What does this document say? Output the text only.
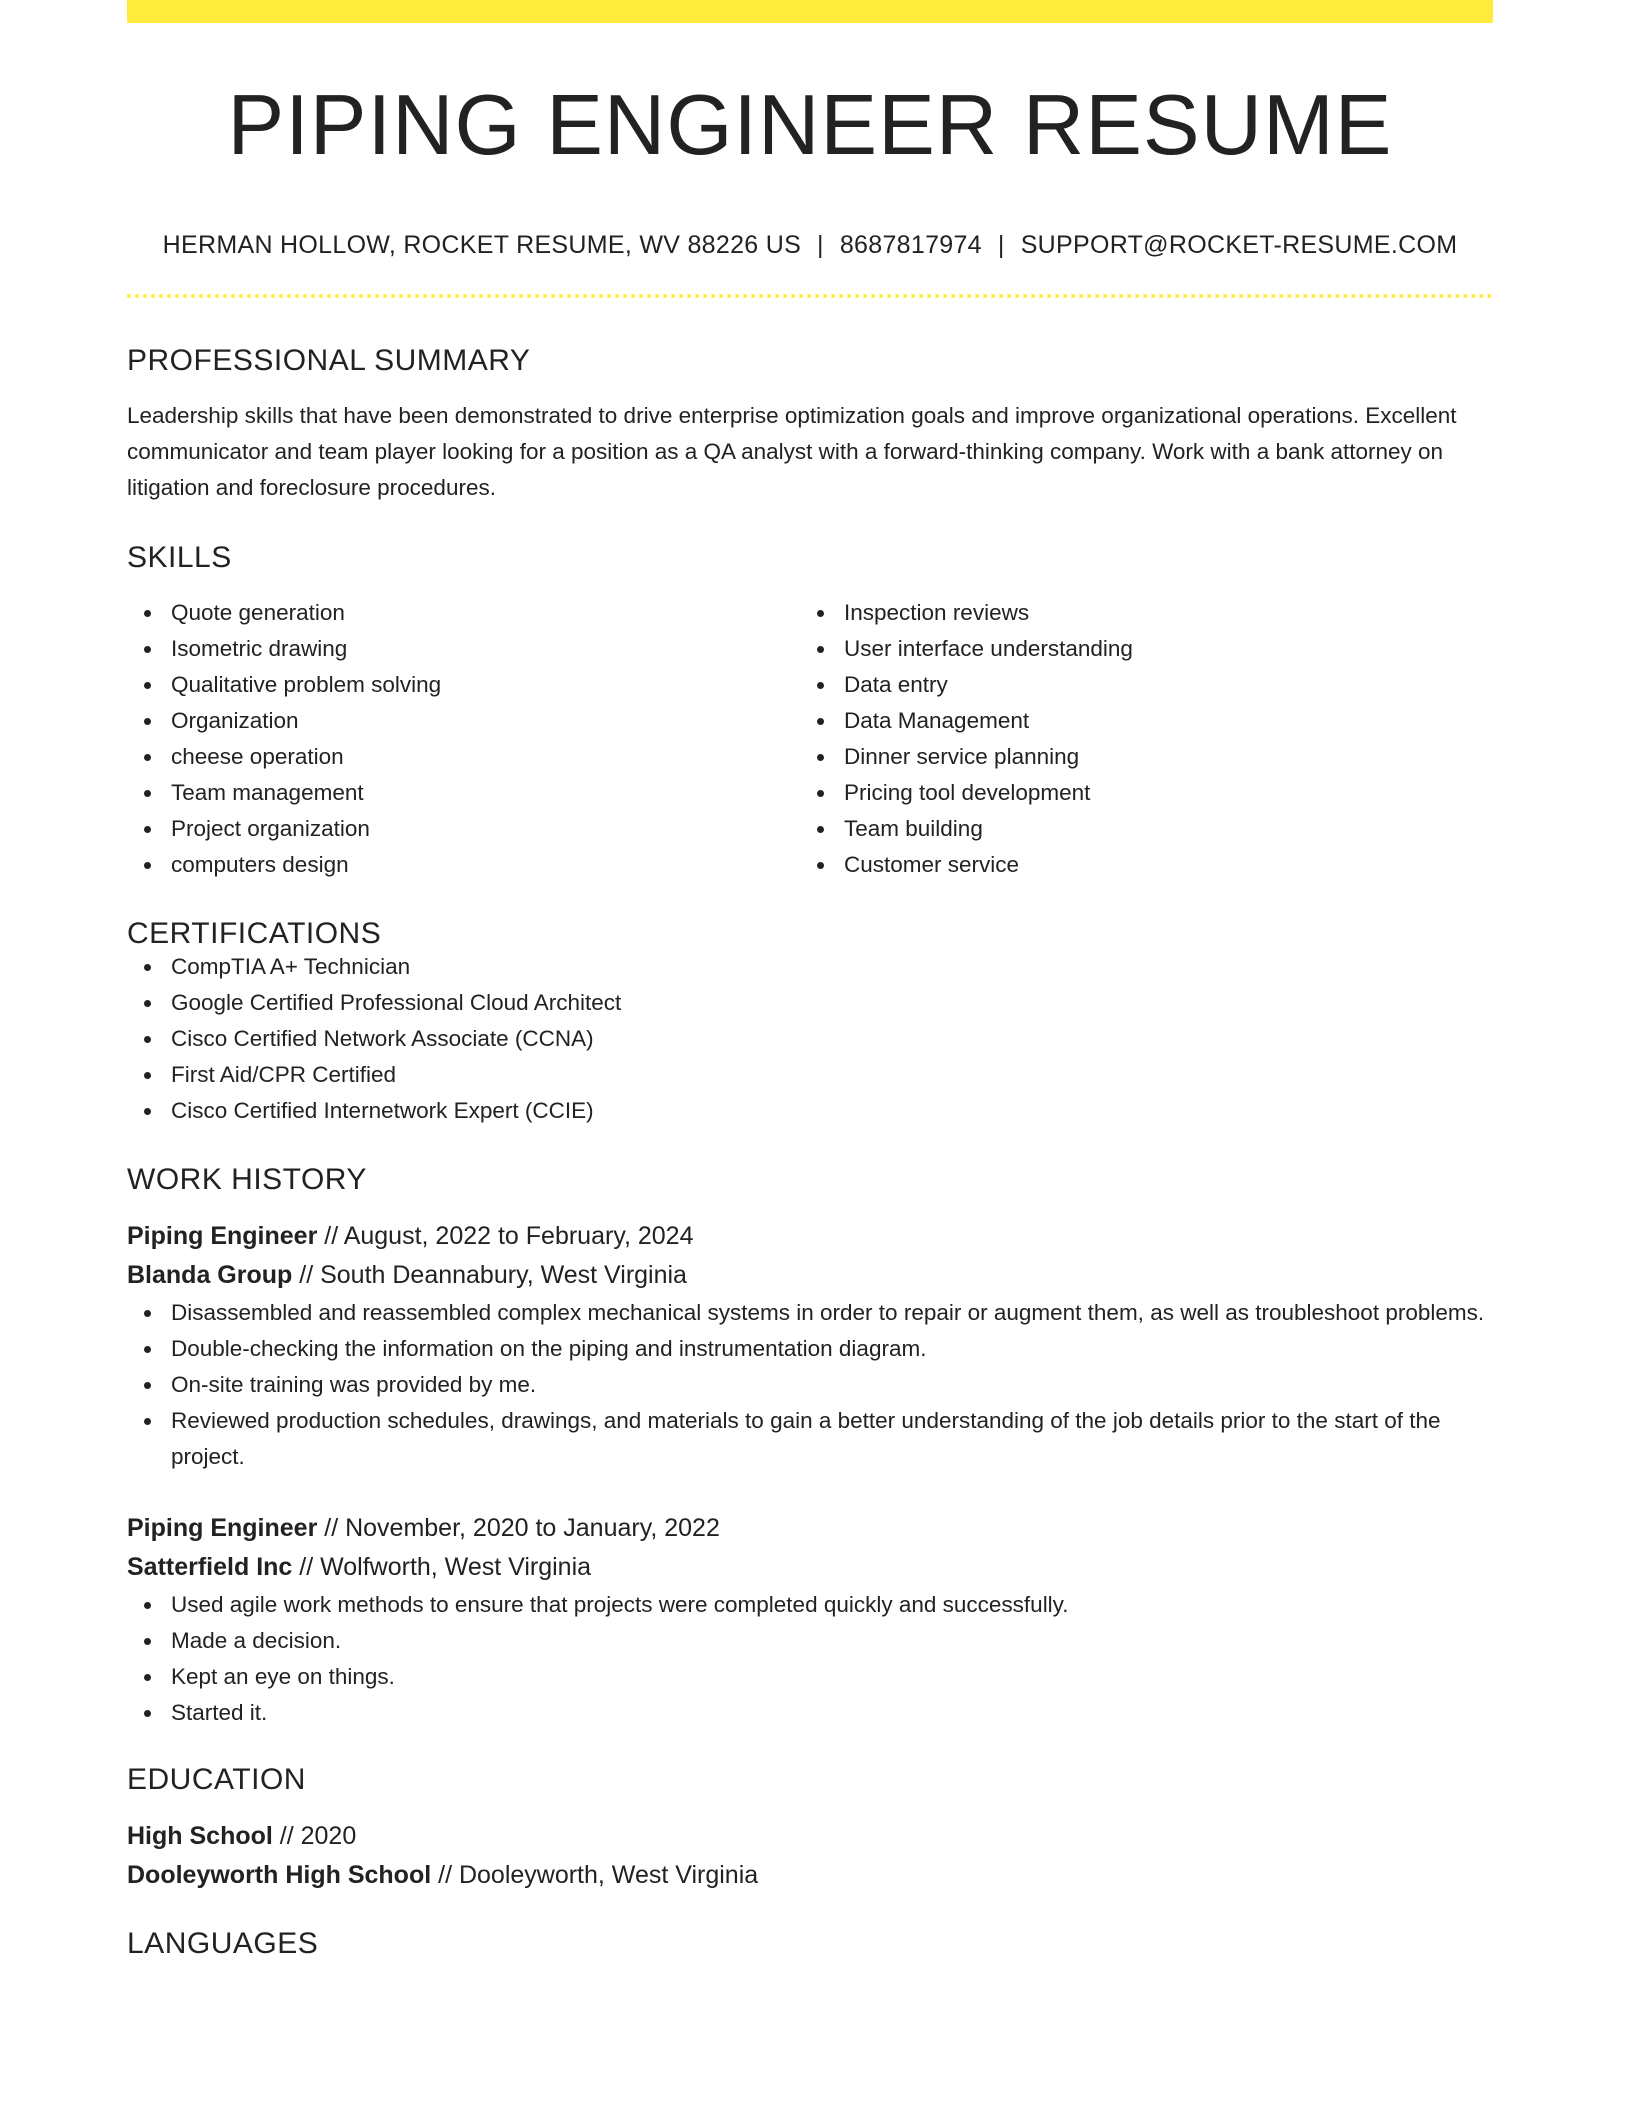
PIPING ENGINEER RESUME
HERMAN HOLLOW, ROCKET RESUME, WV 88226 US | 8687817974 | SUPPORT@ROCKET-RESUME.COM
PROFESSIONAL SUMMARY
Leadership skills that have been demonstrated to drive enterprise optimization goals and improve organizational operations. Excellent communicator and team player looking for a position as a QA analyst with a forward-thinking company. Work with a bank attorney on litigation and foreclosure procedures.
SKILLS
Quote generation
Isometric drawing
Qualitative problem solving
Organization
cheese operation
Team management
Project organization
computers design
Inspection reviews
User interface understanding
Data entry
Data Management
Dinner service planning
Pricing tool development
Team building
Customer service
CERTIFICATIONS
CompTIA A+ Technician
Google Certified Professional Cloud Architect
Cisco Certified Network Associate (CCNA)
First Aid/CPR Certified
Cisco Certified Internetwork Expert (CCIE)
WORK HISTORY
Piping Engineer // August, 2022 to February, 2024
Blanda Group // South Deannabury, West Virginia
Disassembled and reassembled complex mechanical systems in order to repair or augment them, as well as troubleshoot problems.
Double-checking the information on the piping and instrumentation diagram.
On-site training was provided by me.
Reviewed production schedules, drawings, and materials to gain a better understanding of the job details prior to the start of the project.
Piping Engineer // November, 2020 to January, 2022
Satterfield Inc // Wolfworth, West Virginia
Used agile work methods to ensure that projects were completed quickly and successfully.
Made a decision.
Kept an eye on things.
Started it.
EDUCATION
High School // 2020
Dooleyworth High School // Dooleyworth, West Virginia
LANGUAGES
